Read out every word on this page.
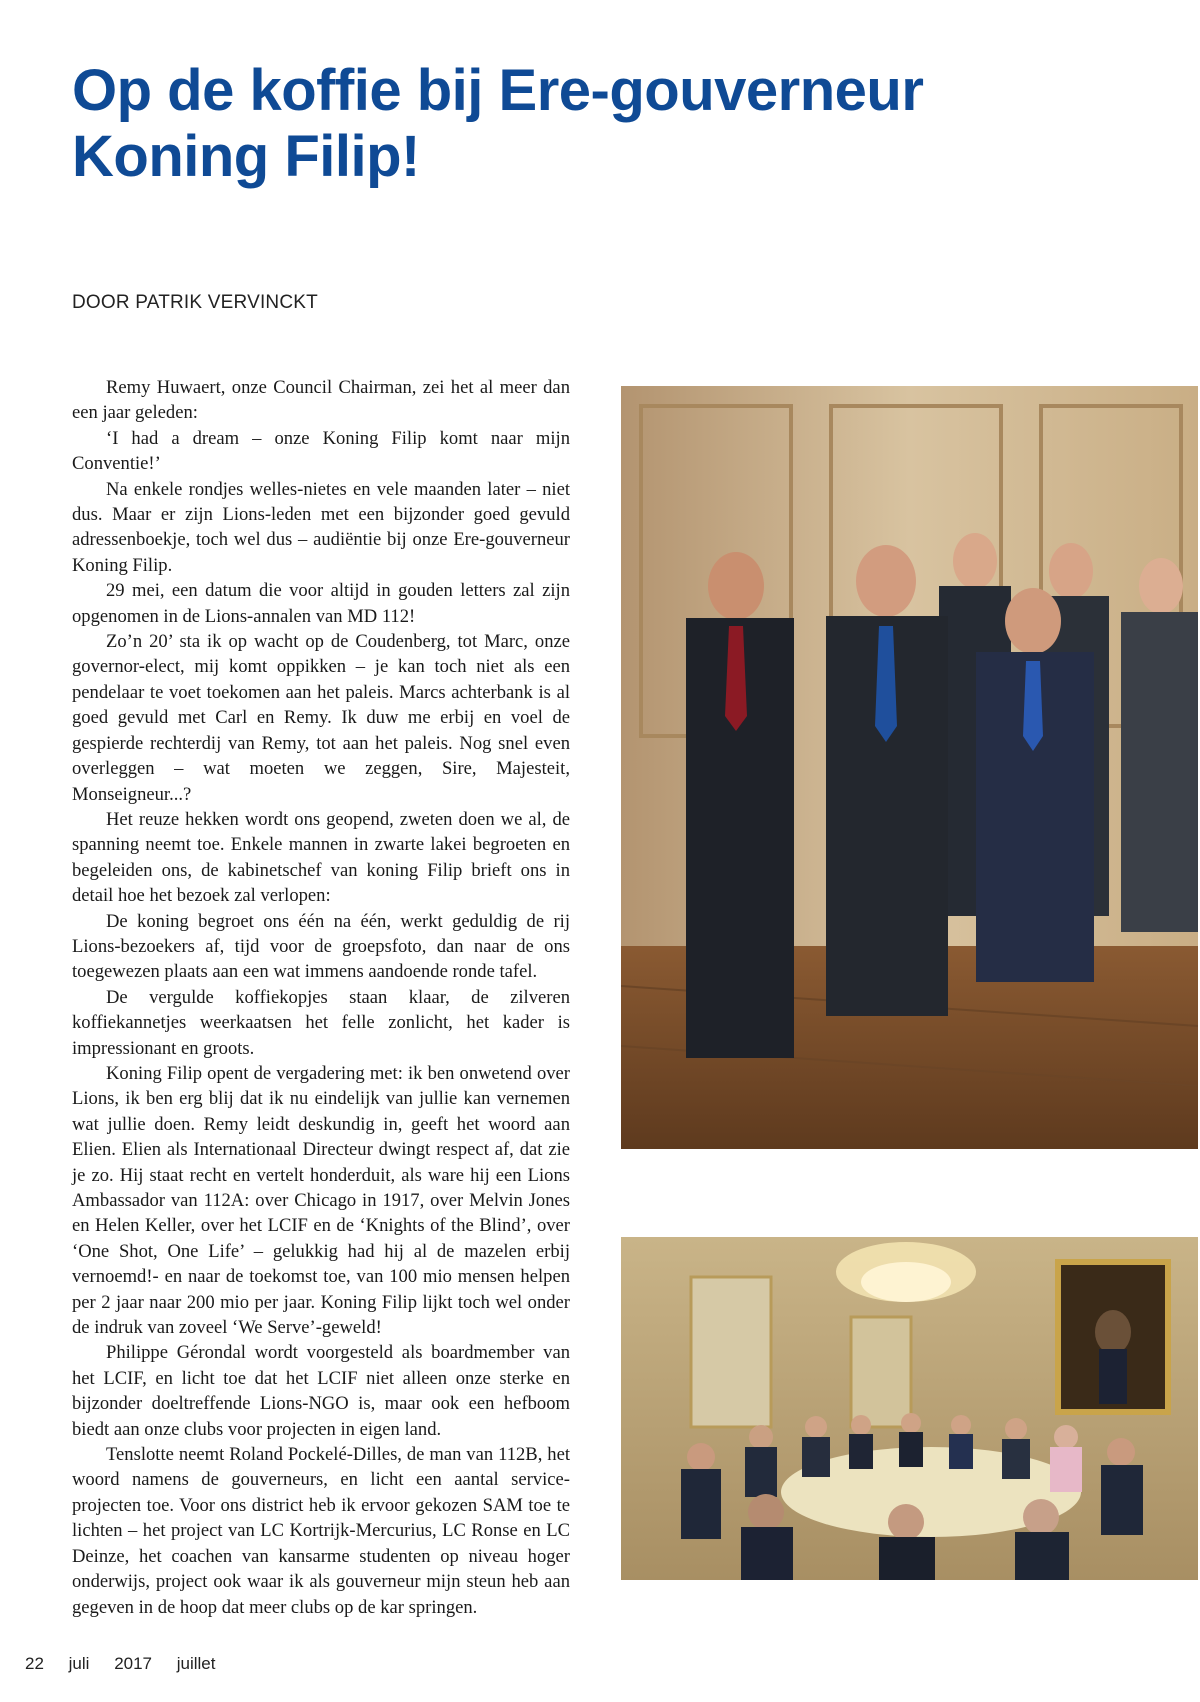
Op de koffie bij Ere-gouverneur
Koning Filip!
DOOR PATRIK VERVINCKT

Remy Huwaert, onze Council Chairman, zei het al meer dan een jaar geleden:

‘I had a dream – onze Koning Filip komt naar mijn Conventie!’

Na enkele rondjes welles-nietes en vele maanden later – niet dus. Maar er zijn Lions-leden met een bijzonder goed gevuld adressenboekje, toch wel dus – audiëntie bij onze Ere-gouverneur Koning Filip.

29 mei, een datum die voor altijd in gouden letters zal zijn opgenomen in de Lions-annalen van MD 112!

Zo’n 20’ sta ik op wacht op de Coudenberg, tot Marc, onze governor-elect, mij komt oppikken – je kan toch niet als een pendelaar te voet toekomen aan het paleis. Marcs achterbank is al goed gevuld met Carl en Remy. Ik duw me erbij en voel de gespierde rechterdij van Remy, tot aan het paleis. Nog snel even overleggen – wat moeten we zeggen, Sire, Majesteit, Monseigneur...?

Het reuze hekken wordt ons geopend, zweten doen we al, de spanning neemt toe. Enkele mannen in zwarte lakei begroeten en begeleiden ons, de kabinetschef van koning Filip brieft ons in detail hoe het bezoek zal verlopen:

De koning begroet ons één na één, werkt geduldig de rij Lions-bezoekers af, tijd voor de groepsfoto, dan naar de ons toegewezen plaats aan een wat immens aandoende ronde tafel.

De vergulde koffiekopjes staan klaar, de zilveren koffiekannetjes weerkaatsen het felle zonlicht, het kader is impressionant en groots.

Koning Filip opent de vergadering met: ik ben onwetend over Lions, ik ben erg blij dat ik nu eindelijk van jullie kan vernemen wat jullie doen. Remy leidt deskundig in, geeft het woord aan Elien. Elien als Internationaal Directeur dwingt respect af, dat zie je zo. Hij staat recht en vertelt honderduit, als ware hij een Lions Ambassador van 112A: over Chicago in 1917, over Melvin Jones en Helen Keller, over het LCIF en de ‘Knights of the Blind’, over ‘One Shot, One Life’ – gelukkig had hij al de mazelen erbij vernoemd!- en naar de toekomst toe, van 100 mio mensen helpen per 2 jaar naar 200 mio per jaar. Koning Filip lijkt toch wel onder de indruk van zoveel ‘We Serve’-geweld!

Philippe Gérondal wordt voorgesteld als boardmember van het LCIF, en licht toe dat het LCIF niet alleen onze sterke en bijzonder doeltreffende Lions-NGO is, maar ook een hefboom biedt aan onze clubs voor projecten in eigen land.

Tenslotte neemt Roland Pockelé-Dilles, de man van 112B, het woord namens de gouverneurs, en licht een aantal service-projecten toe. Voor ons district heb ik ervoor gekozen SAM toe te lichten – het project van LC Kortrijk-Mercurius, LC Ronse en LC Deinze, het coachen van kansarme studenten op niveau hoger onderwijs, project ook waar ik als gouverneur mijn steun heb aan gegeven in de hoop dat meer clubs op de kar springen.

22 juli 2017 juillet
